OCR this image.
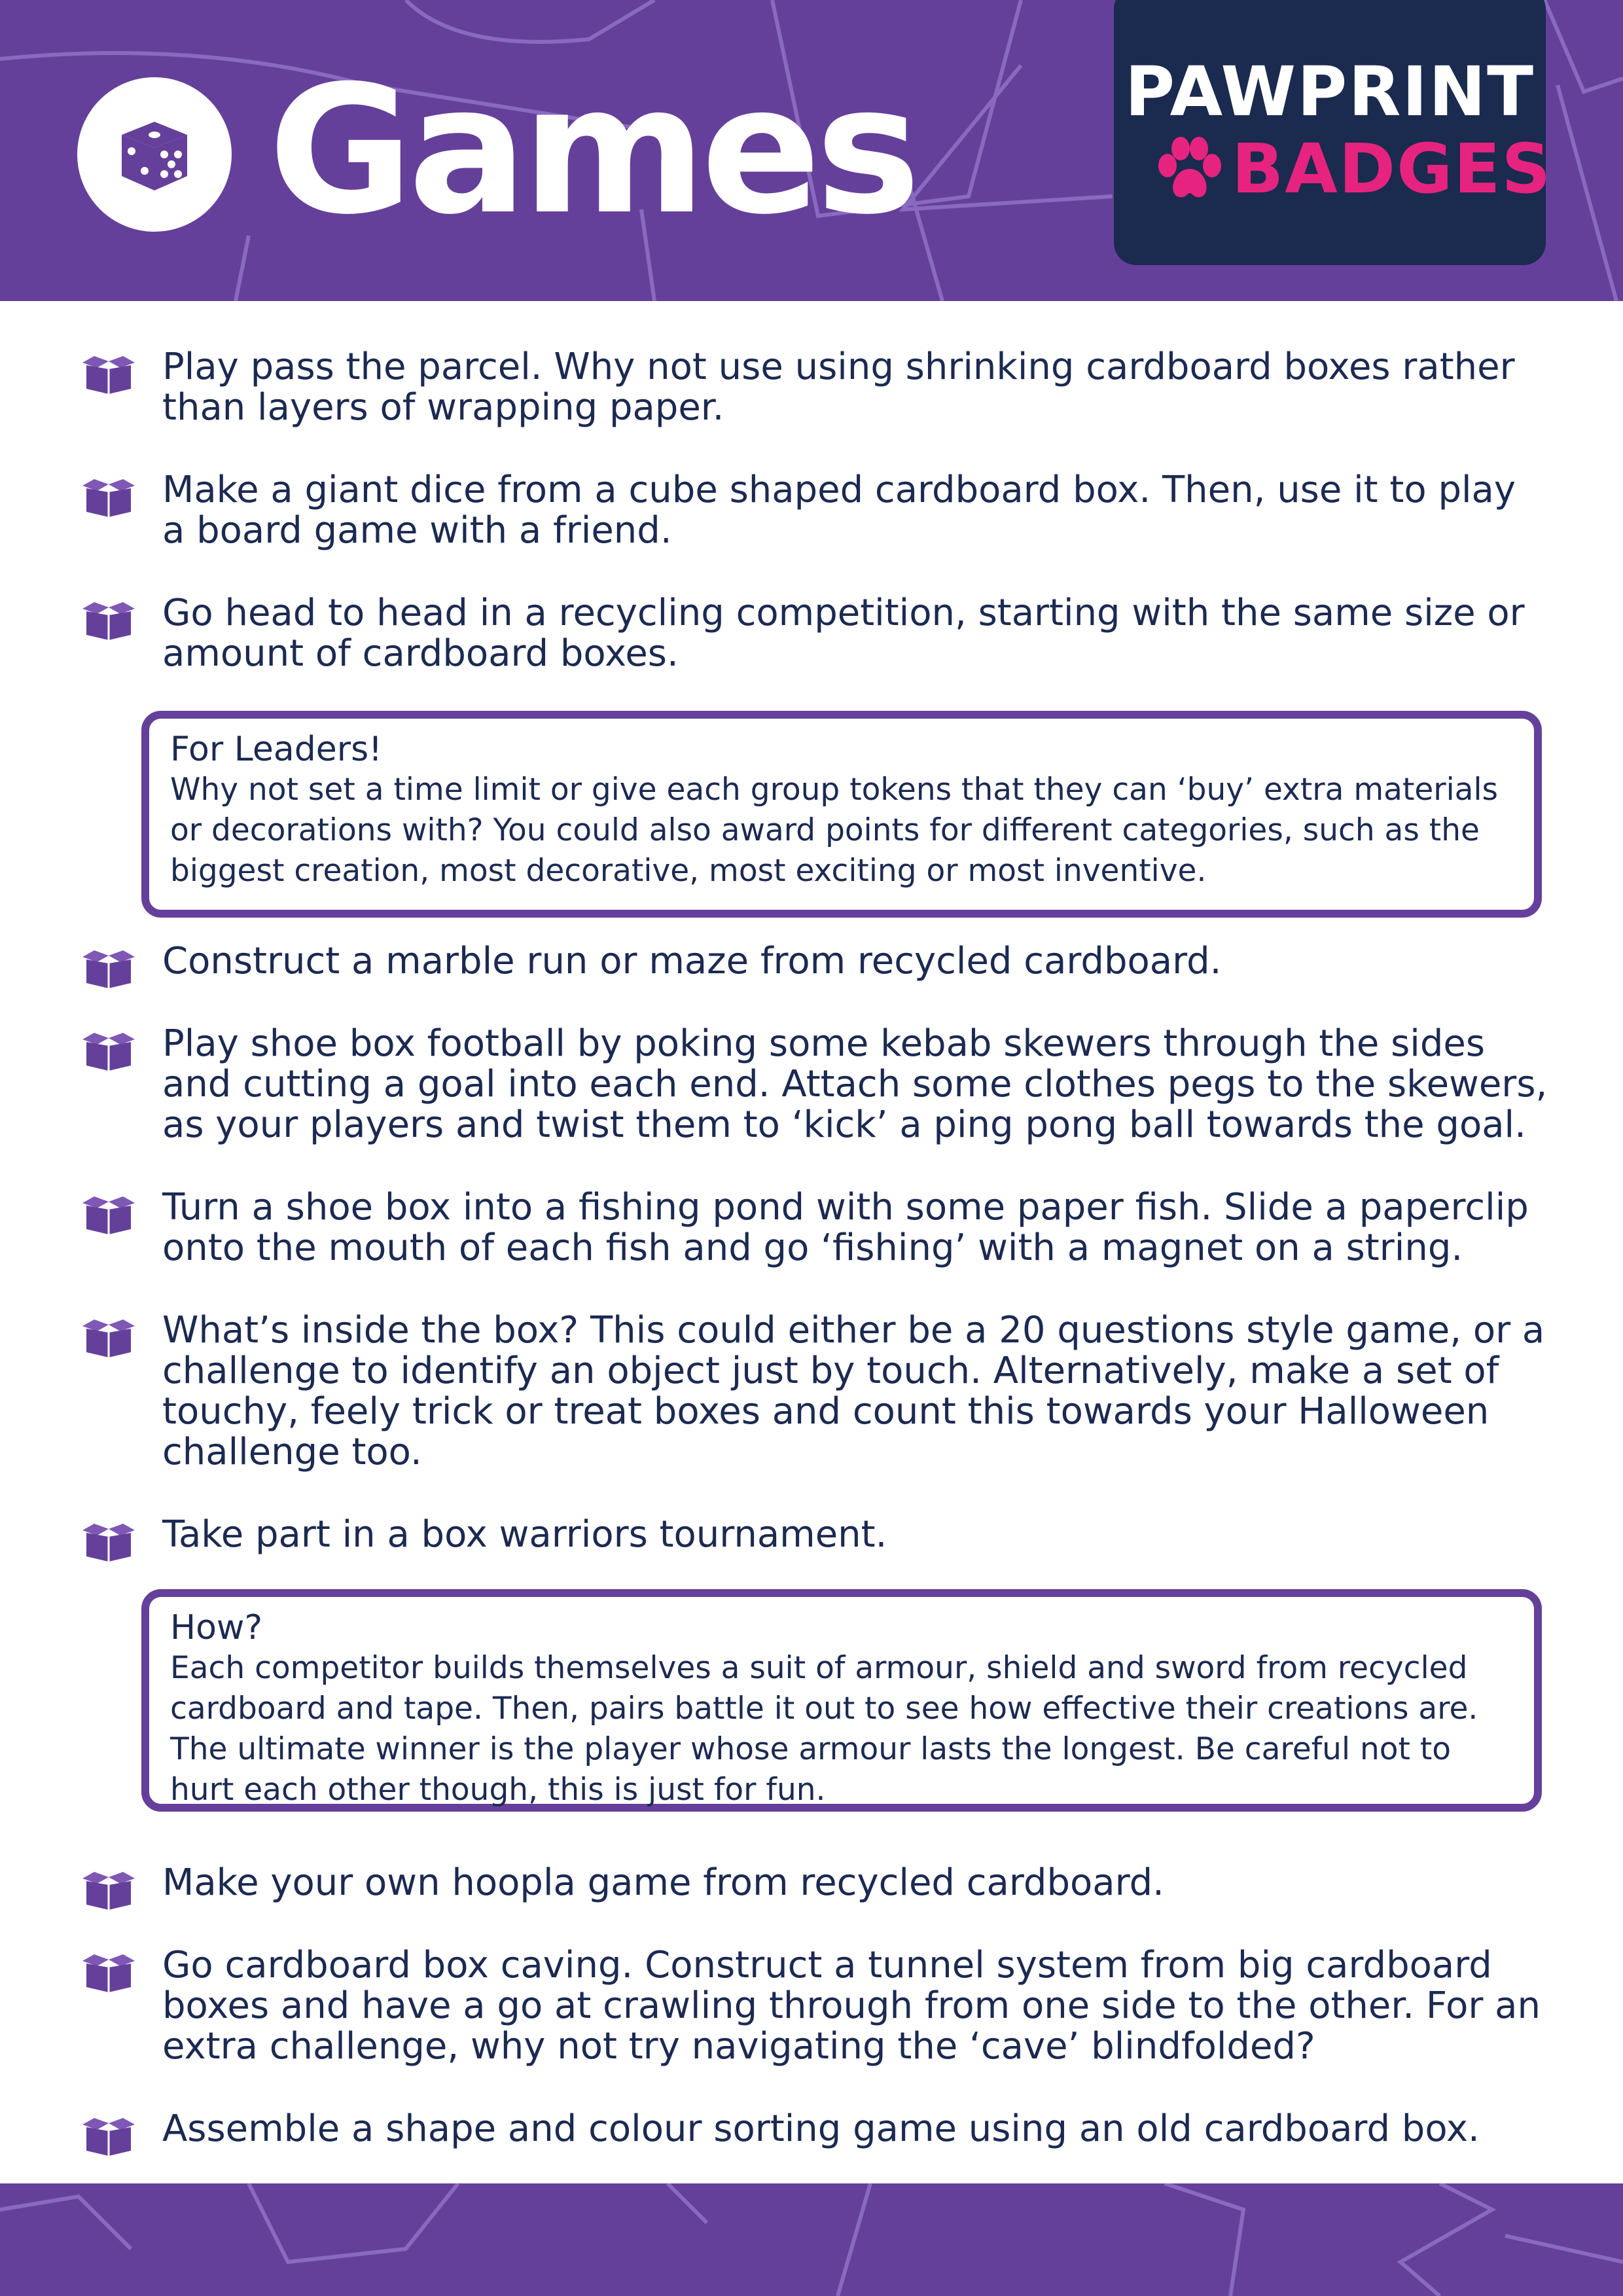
Games	PAWPRINT
BADGES
Play pass the parcel. Why not use using shrinking cardboard boxes rather than layers of wrapping paper.
Make a giant dice from a cube shaped cardboard box. Then, use it to play a board game with a friend.
Go head to head in a recycling competition, starting with the same size or amount of cardboard boxes.
For Leaders!
Why not set a time limit or give each group tokens that they can ‘buy’ extra materials or decorations with? You could also award points for different categories, such as the biggest creation, most decorative, most exciting or most inventive.
Construct a marble run or maze from recycled cardboard.
Play shoe box football by poking some kebab skewers through the sides and cutting a goal into each end. Attach some clothes pegs to the skewers, as your players and twist them to ‘kick’ a ping pong ball towards the goal.
Turn a shoe box into a fishing pond with some paper fish. Slide a paperclip onto the mouth of each fish and go ‘fishing’ with a magnet on a string.
What’s inside the box? This could either be a 20 questions style game, or a challenge to identify an object just by touch. Alternatively, make a set of touchy, feely trick or treat boxes and count this towards your Halloween challenge too.
Take part in a box warriors tournament.
How?
Each competitor builds themselves a suit of armour, shield and sword from recycled cardboard and tape. Then, pairs battle it out to see how effective their creations are. The ultimate winner is the player whose armour lasts the longest. Be careful not to hurt each other though, this is just for fun.
Make your own hoopla game from recycled cardboard.
Go cardboard box caving. Construct a tunnel system from big cardboard boxes and have a go at crawling through from one side to the other. For an extra challenge, why not try navigating the ‘cave’ blindfolded?
Assemble a shape and colour sorting game using an old cardboard box.
